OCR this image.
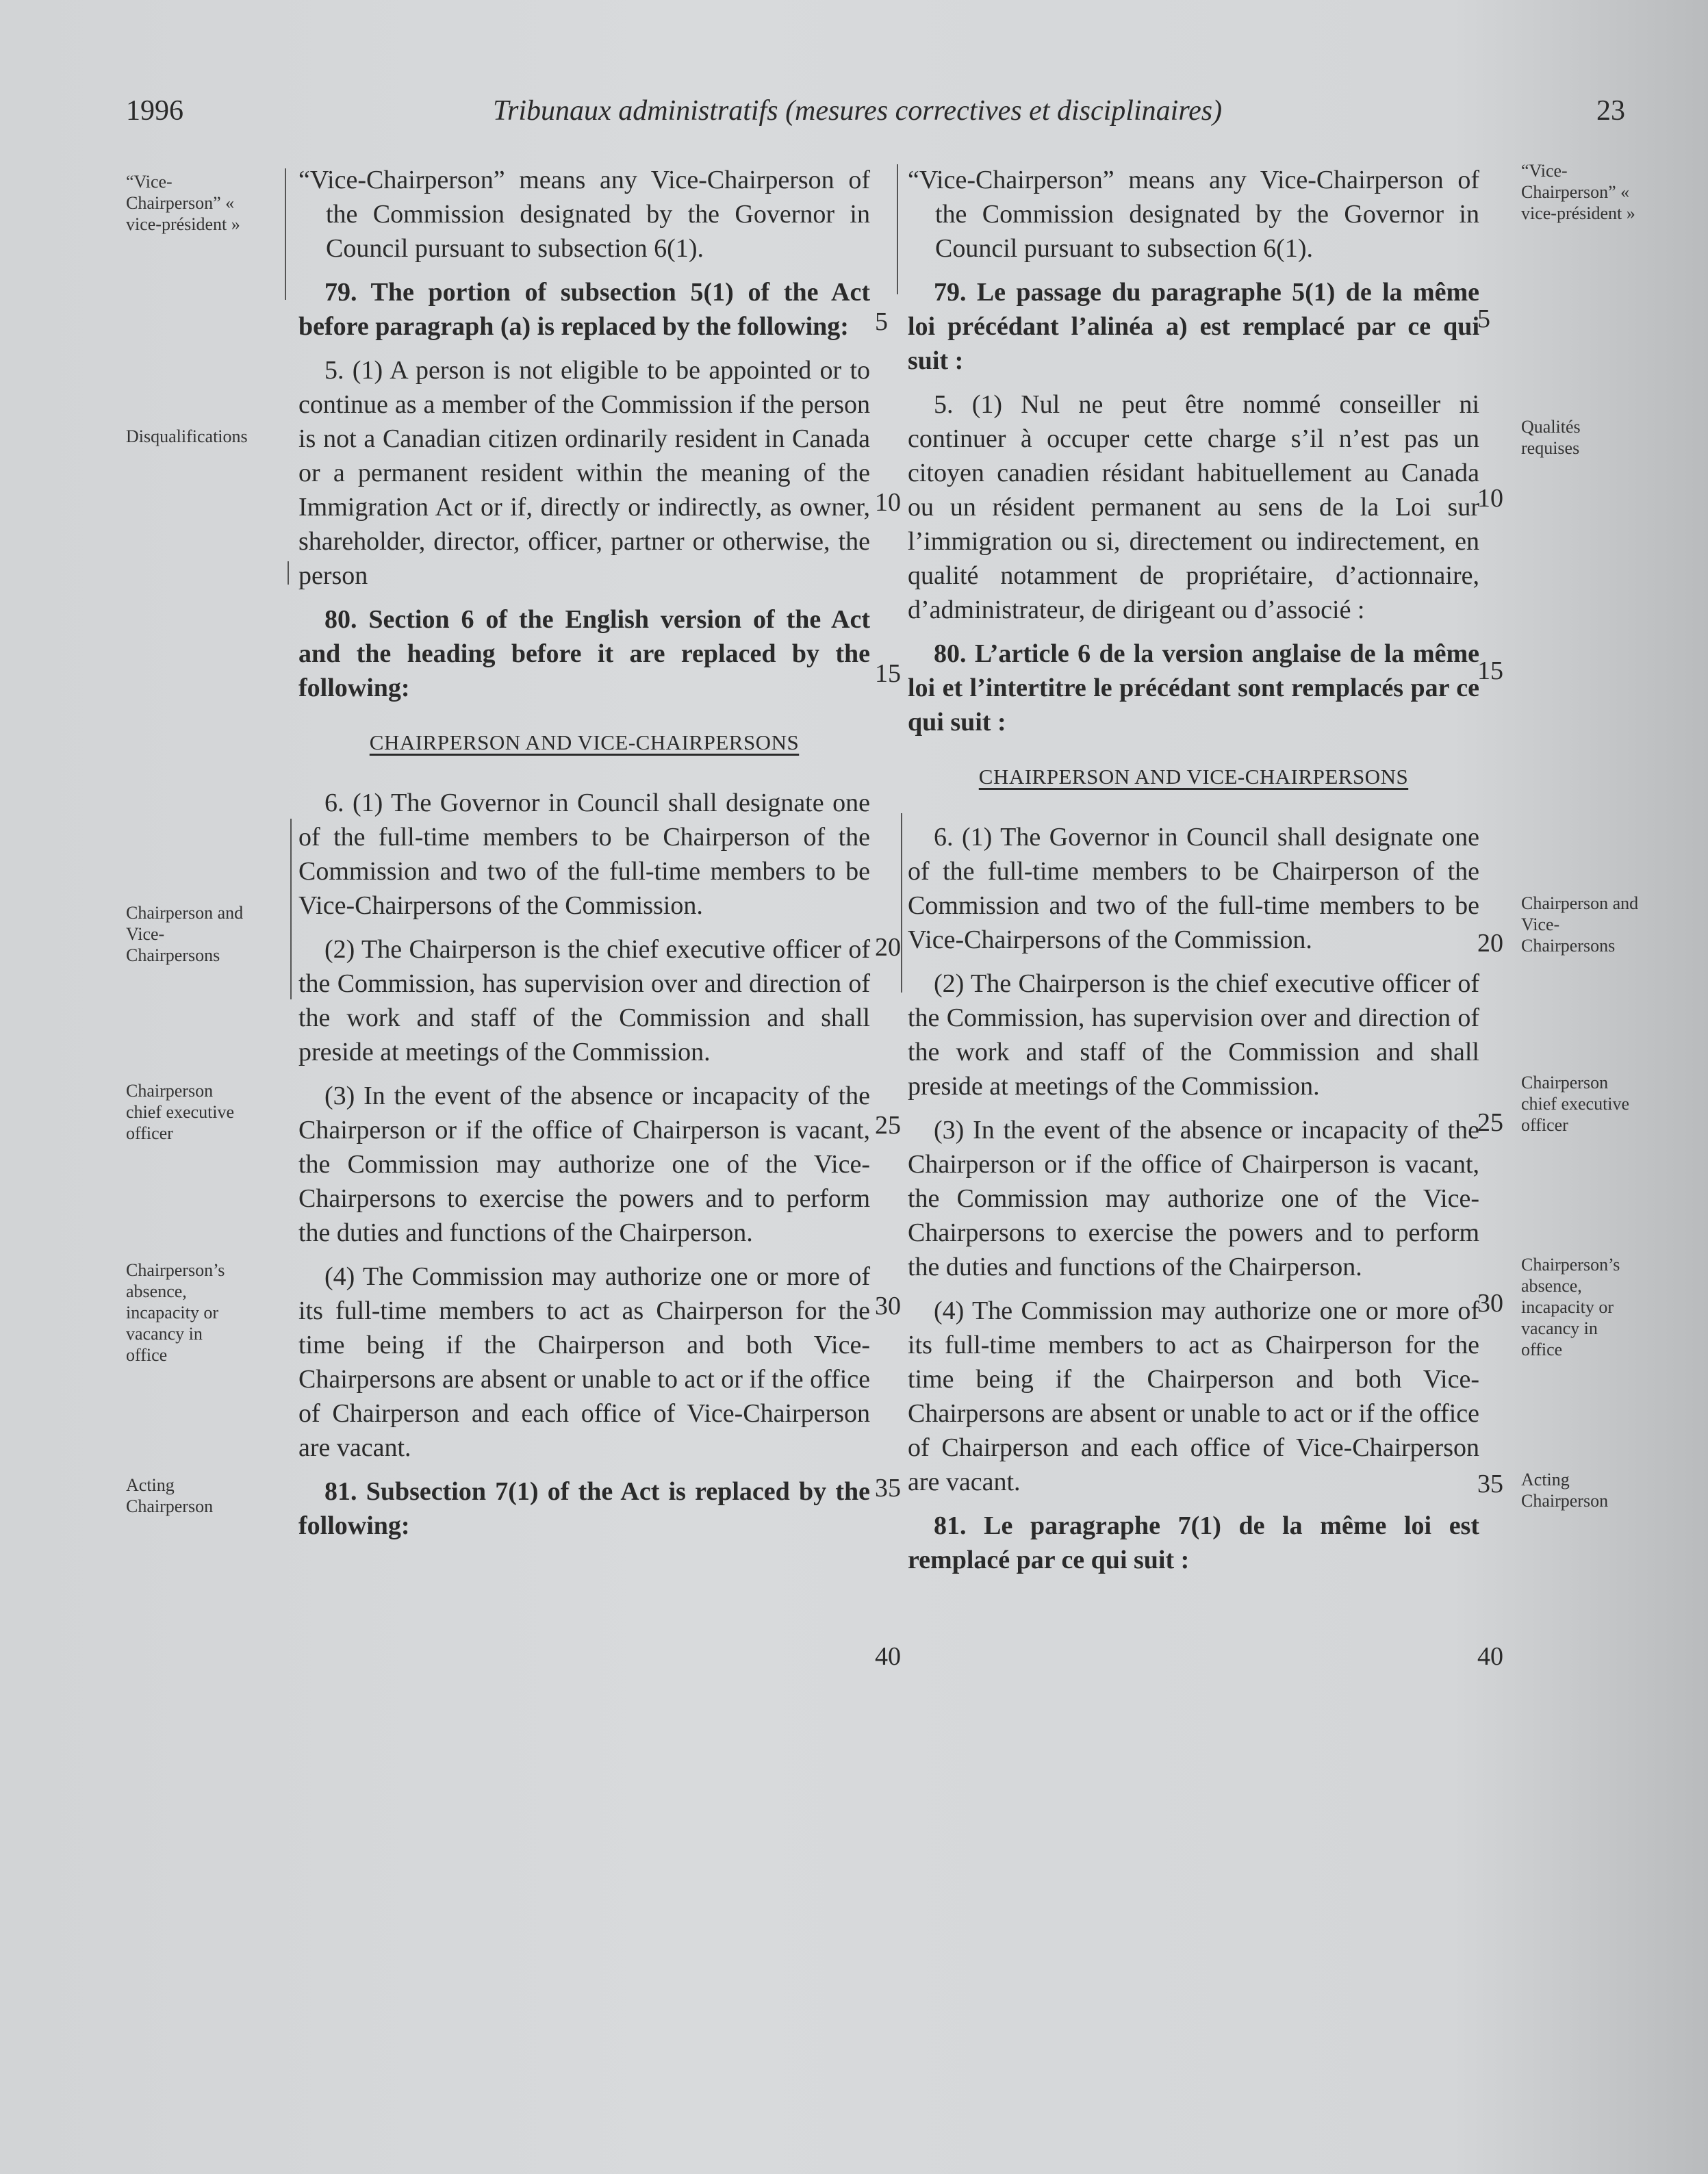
1996	Tribunaux administratifs (mesures correctives et disciplinaires)	23
“Vice-Chairperson” « vice-président »
Disqualifications
Chairperson and Vice-Chairpersons
Chairperson chief executive officer
Chairperson’s absence, incapacity or vacancy in office
Acting Chairperson
“Vice-Chairperson” « vice-président »
Qualités requises
Chairperson and Vice-Chairpersons
Chairperson chief executive officer
Chairperson’s absence, incapacity or vacancy in office
Acting Chairperson

“Vice-Chairperson” means any Vice-Chairperson of the Commission designated by the Governor in Council pursuant to subsection 6(1).

79. The portion of subsection 5(1) of the Act before paragraph (a) is replaced by the following:

5. (1) A person is not eligible to be appointed or to continue as a member of the Commission if the person is not a Canadian citizen ordinarily resident in Canada or a permanent resident within the meaning of the Immigration Act or if, directly or indirectly, as owner, shareholder, director, officer, partner or otherwise, the person

80. Section 6 of the English version of the Act and the heading before it are replaced by the following:

CHAIRPERSON AND VICE-CHAIRPERSONS

6. (1) The Governor in Council shall designate one of the full-time members to be Chairperson of the Commission and two of the full-time members to be Vice-Chairpersons of the Commission.

(2) The Chairperson is the chief executive officer of the Commission, has supervision over and direction of the work and staff of the Commission and shall preside at meetings of the Commission.

(3) In the event of the absence or incapacity of the Chairperson or if the office of Chairperson is vacant, the Commission may authorize one of the Vice-Chairpersons to exercise the powers and to perform the duties and functions of the Chairperson.

(4) The Commission may authorize one or more of its full-time members to act as Chairperson for the time being if the Chairperson and both Vice-Chairpersons are absent or unable to act or if the office of Chairperson and each office of Vice-Chairperson are vacant.

81. Subsection 7(1) of the Act is replaced by the following:

“Vice-Chairperson” means any Vice-Chairperson of the Commission designated by the Governor in Council pursuant to subsection 6(1).

79. Le passage du paragraphe 5(1) de la même loi précédant l’alinéa a) est remplacé par ce qui suit :

5. (1) Nul ne peut être nommé conseiller ni continuer à occuper cette charge s’il n’est pas un citoyen canadien résidant habituellement au Canada ou un résident permanent au sens de la Loi sur l’immigration ou si, directement ou indirectement, en qualité notamment de propriétaire, d’actionnaire, d’administrateur, de dirigeant ou d’associé :

80. L’article 6 de la version anglaise de la même loi et l’intertitre le précédant sont remplacés par ce qui suit :

CHAIRPERSON AND VICE-CHAIRPERSONS

6. (1) The Governor in Council shall designate one of the full-time members to be Chairperson of the Commission and two of the full-time members to be Vice-Chairpersons of the Commission.

(2) The Chairperson is the chief executive officer of the Commission, has supervision over and direction of the work and staff of the Commission and shall preside at meetings of the Commission.

(3) In the event of the absence or incapacity of the Chairperson or if the office of Chairperson is vacant, the Commission may authorize one of the Vice-Chairpersons to exercise the powers and to perform the duties and functions of the Chairperson.

(4) The Commission may authorize one or more of its full-time members to act as Chairperson for the time being if the Chairperson and both Vice-Chairpersons are absent or unable to act or if the office of Chairperson and each office of Vice-Chairperson are vacant.

81. Le paragraphe 7(1) de la même loi est remplacé par ce qui suit :

5
10
15
20
25
30
35
40
5
10
15
20
25
30
35
40
